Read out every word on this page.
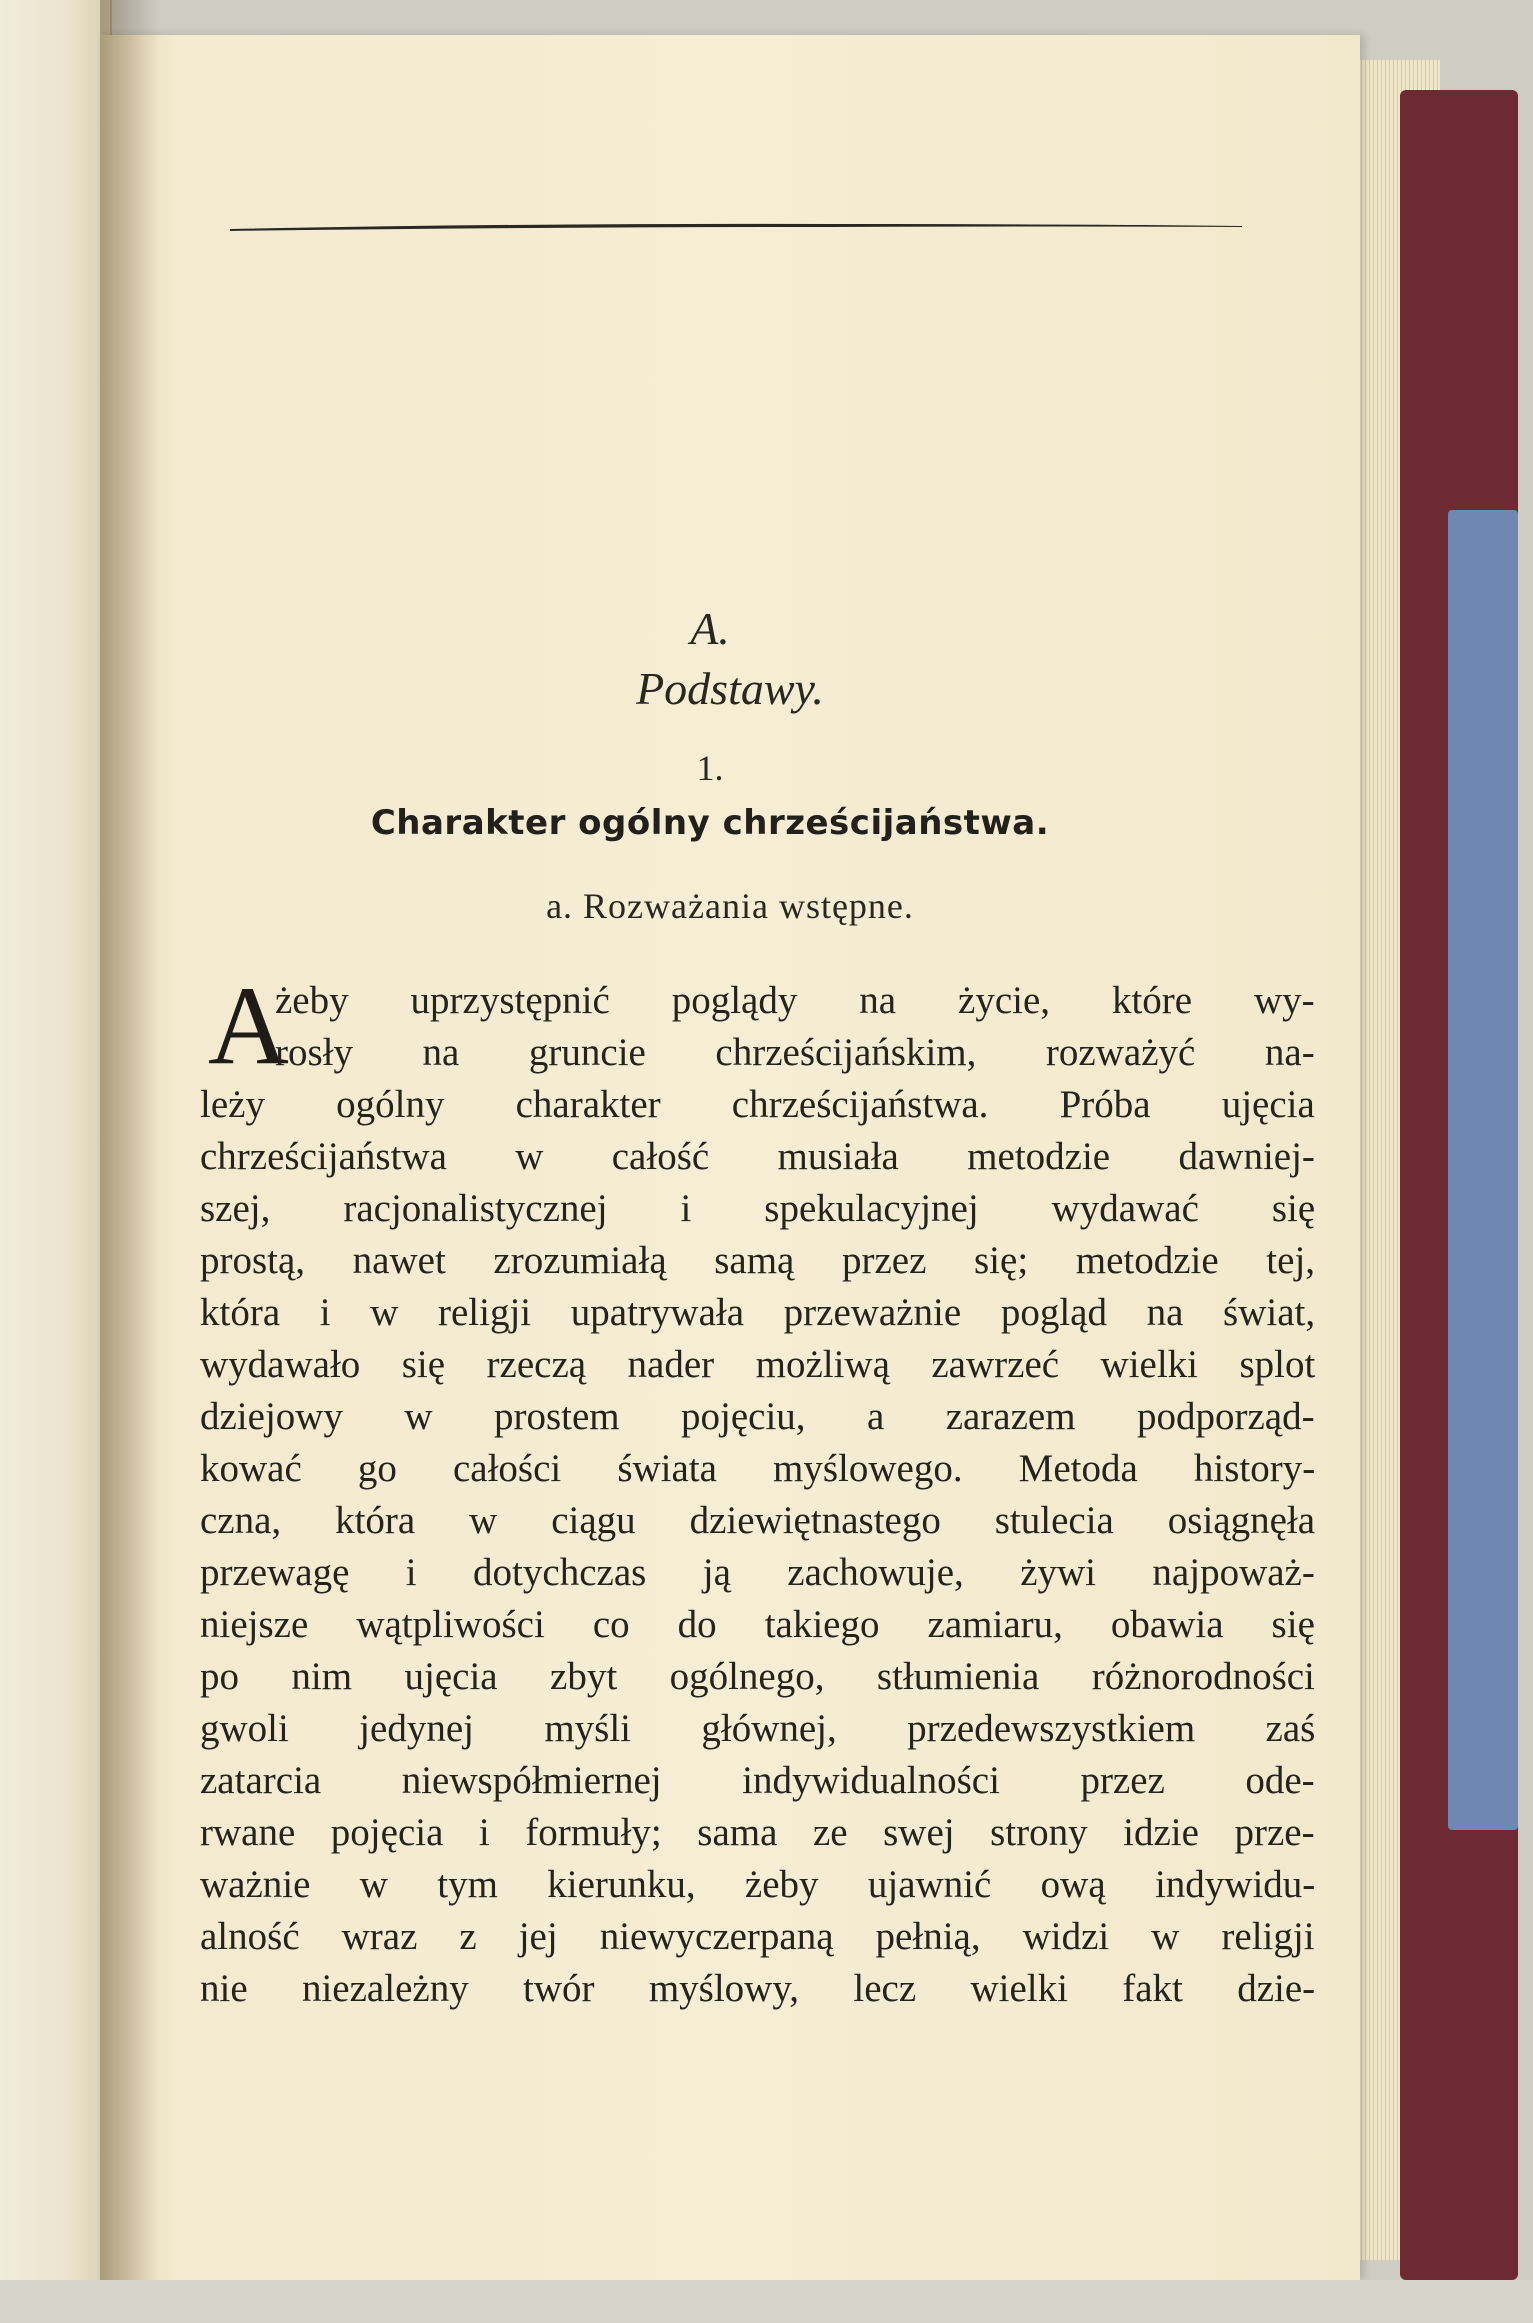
A.
Podstawy.
1.
Charakter ogólny chrześcijaństwa.
a. Rozważania wstępne.
A
żeby uprzystępnić poglądy na życie, które wy-
rosły na gruncie chrześcijańskim, rozważyć na-
leży ogólny charakter chrześcijaństwa. Próba ujęcia
chrześcijaństwa w całość musiała metodzie dawniej-
szej, racjonalistycznej i spekulacyjnej wydawać się
prostą, nawet zrozumiałą samą przez się; metodzie tej,
która i w religji upatrywała przeważnie pogląd na świat,
wydawało się rzeczą nader możliwą zawrzeć wielki splot
dziejowy w prostem pojęciu, a zarazem podporząd-
kować go całości świata myślowego. Metoda history-
czna, która w ciągu dziewiętnastego stulecia osiągnęła
przewagę i dotychczas ją zachowuje, żywi najpoważ-
niejsze wątpliwości co do takiego zamiaru, obawia się
po nim ujęcia zbyt ogólnego, stłumienia różnorodności
gwoli jedynej myśli głównej, przedewszystkiem zaś
zatarcia niewspółmiernej indywidualności przez ode-
rwane pojęcia i formuły; sama ze swej strony idzie prze-
ważnie w tym kierunku, żeby ujawnić ową indywidu-
alność wraz z jej niewyczerpaną pełnią, widzi w religji
nie niezależny twór myślowy, lecz wielki fakt dzie-
